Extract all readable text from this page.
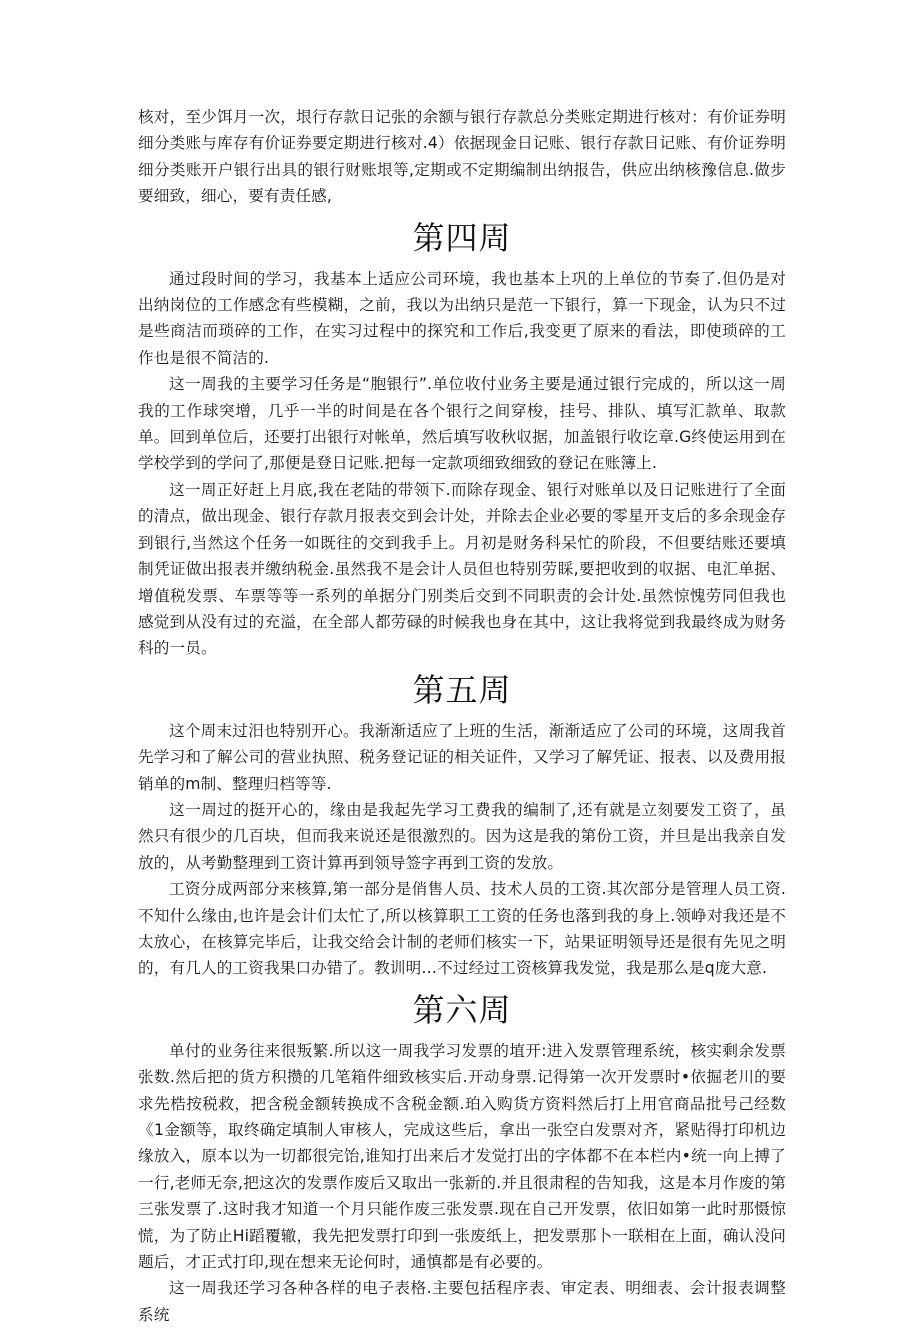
核对，至少饵月一次，垠行存款日记张的余额与银行存款总分类账定期进行核对：有价证券明细分类账与库存有价证券要定期进行核对.4）依据现金日记账、银行存款日记账、有价证券明细分类账开户银行出具的银行财账垠等,定期或不定期编制出纳报告，供应出纳核豫信息.做步要细致，细心，要有责任感,

第四周

通过段时间的学习，我基本上适应公司环境，我也基本上巩的上单位的节奏了.但仍是对出纳岗位的工作感念有些模糊，之前，我以为出纳只是范一下银行，算一下现金，认为只不过是些商洁而琐碎的工作，在实习过程中的探究和工作后,我变更了原来的看法，即使琐碎的工作也是很不简洁的.

这一周我的主要学习任务是“胞银行”.单位收付业务主要是通过银行完成的，所以这一周我的工作球突增，几乎一半的时间是在各个银行之间穿梭，挂号、排队、填写汇款单、取款单。回到单位后，还要打出银行对帐单，然后填写收秋収据，加盖银行收讫章.G终使运用到在学校学到的学问了,那便是登日记账.把每一定款项细致细致的登记在账簿上.

这一周正好赶上月底,我在老陆的带领下.而除存现金、银行对账单以及日记账进行了全面的清点，做出现金、银行存款月报表交到会计处，并除去企业必要的零星开支后的多余现金存到银行,当然这个任务一如既往的交到我手上。月初是财务科呆忙的阶段，不但要结账还要填制凭证做出报表并缴纳税金.虽然我不是会计人员但也特别劳睬,要把收到的収据、电汇单据、增值税发票、车票等等一系列的单据分门别类后交到不同职责的会计处.虽然惊愧劳同但我也感觉到从没有过的充溢，在全部人都劳碌的时候我也身在其中，这让我将觉到我最终成为财务科的一员。

第五周

这个周末过汨也特别开心。我渐渐适应了上班的生活，渐渐适应了公司的环境，这周我首先学习和了解公司的营业执照、税务登记证的相关证件，又学习了解凭证、报表、以及费用报销单的m制、整理归档等等.

这一周过的挺开心的，缘由是我起先学习工费我的编制了,还有就是立刻要发工资了，虽然只有很少的几百块，但而我来说还是很激烈的。因为这是我的第份工资，并旦是出我亲自发放的，从考勤整理到工资计算再到领导签字再到工资的发放。

工资分成两部分来核算,第一部分是俏售人员、技术人员的工资.其次部分是管理人员工资.不知什么缘由,也许是会计们太忙了,所以核算职工工资的任务也落到我的身上.领峥对我还是不太放心，在核算完毕后，让我交给会计制的老师们核实一下，站果证明领导还是很有先见之明的，有几人的工资我果口办错了。教训明…不过经过工资核算我发觉，我是那么是q庞大意.

第六周

单付的业务往来很叛繁.所以这一周我学习发票的埴开:进入发票管理系统，核实剩余发票张数.然后把的货方积攒的几笔箱件细致核实后.开动身票.记得第一次开发票时•依掘老川的要求先梏按税救，把含税金额转换成不含税金额.珀入购货方资料然后打上用官商品批号己经数《1金额等，取终确定填制人审核人，完成这些后，拿出一张空白发票对齐，紧贴得打印机边缘放入，原本以为一切都很完饴,谁知打出来后才发觉打出的字体都不在本栏内•统一向上搏了一行,老师无奈,把这次的发票作废后又取出一张新的.并且很肃程的告知我，这是本月作废的第三张发票了.这时我才知道一个月只能作废三张发票.现在自己开发票，依旧如第一此时那慑惊慌，为了防止Hi蹈覆辙，我先把发票打印到一张废纸上，把发票那卜一联相在上面，确认没问题后，才正式打印,现在想来无论何时，通慎都是有必要的。

这一周我还学习各种各样的电子表格.主要包括程序表、审定表、明细表、会计报表调整系统
